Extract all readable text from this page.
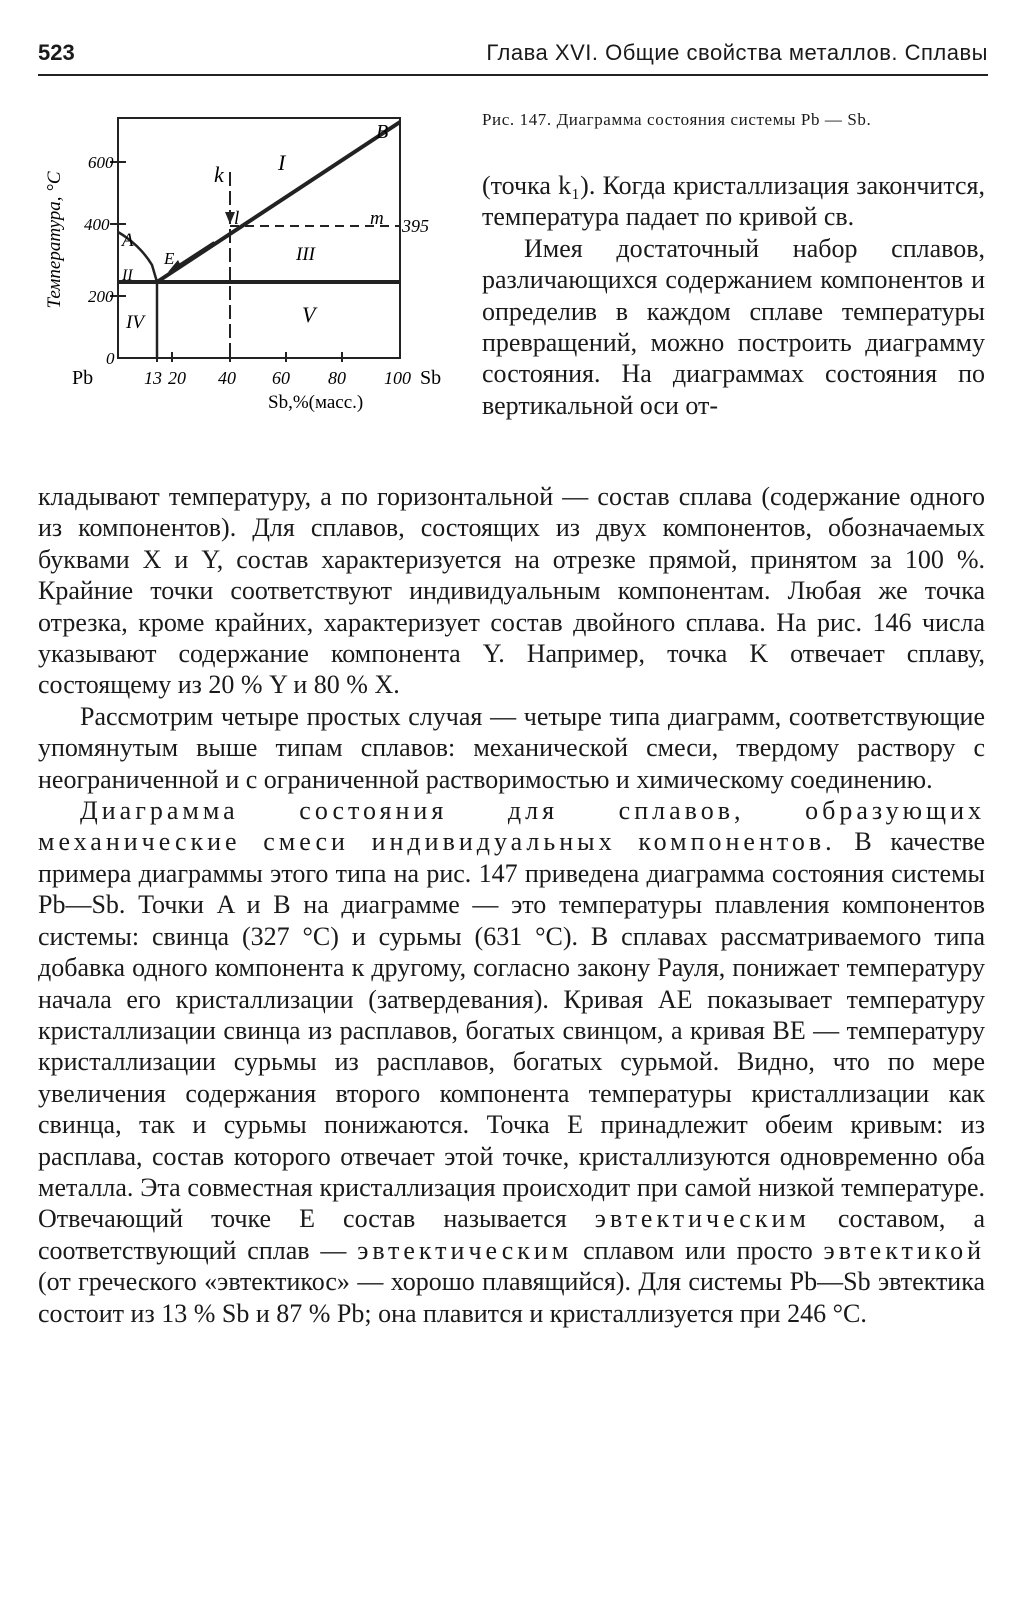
523	Глава XVI. Общие свойства металлов. Сплавы
Температура, °C
600
400
200
0
13 20 40 60 80 100
Pb	Sb
Sb,%(масс.)
395
A
B
E
k
l	m
I
II
III
IV	V
Рис. 147. Диаграмма состояния системы Pb — Sb.

(точка k₁). Когда кристаллизация закончится, температура падает по кривой св.

Имея достаточный набор сплавов, различающихся содержанием компонентов и определив в каждом сплаве температуры превращений, можно построить диаграмму состояния. На диаграммах состояния по вертикальной оси от-

кладывают температуру, а по горизонтальной — состав сплава (содержание одного из компонентов). Для сплавов, состоящих из двух компонентов, обозначаемых буквами X и Y, состав характеризуется на отрезке прямой, принятом за 100 %. Крайние точки соответствуют индивидуальным компонентам. Любая же точка отрезка, кроме крайних, характеризует состав двойного сплава. На рис. 146 числа указывают содержание компонента Y. Например, точка K отвечает сплаву, состоящему из 20 % Y и 80 % X.

Рассмотрим четыре простых случая — четыре типа диаграмм, соответствующие упомянутым выше типам сплавов: механической смеси, твердому раствору с неограниченной и с ограниченной растворимостью и химическому соединению.

Диаграмма состояния для сплавов, образующих механические смеси индивидуальных компонентов. В качестве примера диаграммы этого типа на рис. 147 приведена диаграмма состояния системы Pb—Sb. Точки A и B на диаграмме — это температуры плавления компонентов системы: свинца (327 °С) и сурьмы (631 °С). В сплавах рассматриваемого типа добавка одного компонента к другому, согласно закону Рауля, понижает температуру начала его кристаллизации (затвердевания). Кривая AE показывает температуру кристаллизации свинца из расплавов, богатых свинцом, а кривая BE — температуру кристаллизации сурьмы из расплавов, богатых сурьмой. Видно, что по мере увеличения содержания второго компонента температуры кристаллизации как свинца, так и сурьмы понижаются. Точка E принадлежит обеим кривым: из расплава, состав которого отвечает этой точке, кристаллизуются одновременно оба металла. Эта совместная кристаллизация происходит при самой низкой температуре. Отвечающий точке E состав называется эвтектическим составом, а соответствующий сплав — эвтектическим сплавом или просто эвтектикой (от греческого «эвтектикос» — хорошо плавящийся). Для системы Pb—Sb эвтектика состоит из 13 % Sb и 87 % Pb; она плавится и кристаллизуется при 246 °С.
